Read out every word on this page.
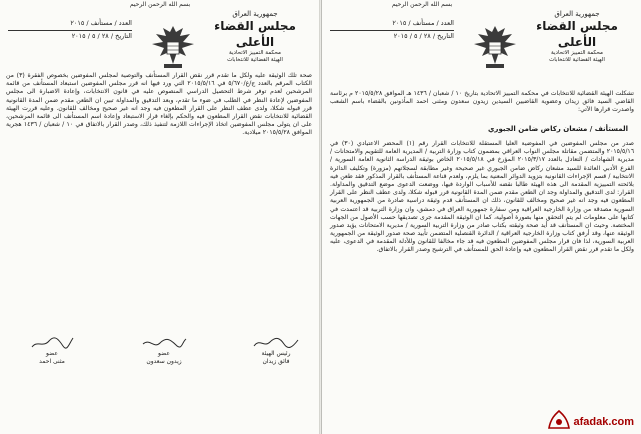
بسم الله الرحمن الرحيم
جمهورية العراق
مجلس القضاء الأعلى
محكمة التمييز الاتحادية
الهيئة القضائية للانتخابات
العدد / مستأنف / ٢٠١٥
التاريخ / ٢٨ / ٥ / ٢٠١٥
صحة تلك الوثيقة عليه ولكل ما تقدم قرر نقض القرار المستأنف والتوصية لمجلس المفوضين بخصوص الفقرة (٣) من الكتاب المرقم بالعدد ج/ع/٥/٦٧٠ في ٢٠١٥/٥/١٦ التي ورد فيها انه قرر مجلس المفوضين استبعاد المستأنف من قائمة المرشحين لعدم توفر شرط التحصيل الدراسي المنصوص عليه في قانون الانتخابات، وإعادة الاضبارة الى مجلس المفوضين لإعادة النظر في الطلب في ضوء ما تقدم، وبعد التدقيق والمداولة تبين ان الطعن مقدم ضمن المدة القانونية قرر قبوله شكلا، ولدى عطف النظر على القرار المطعون فيه وجد انه غير صحيح ومخالف للقانون. وعليه قررت الهيئة القضائية للانتخابات نقض القرار المطعون فيه والحكم بإلغاء قرار الاستبعاد وإعادة اسم المستأنف الى قائمة المرشحين، على ان يتولى مجلس المفوضين اتخاذ الإجراءات اللازمة لتنفيذ ذلك، وصدر القرار بالاتفاق في ١٠ / شعبان / ١٤٣٦ هجرية الموافق ٢٠١٥/٥/٢٨ ميلادية.
رئيس الهيئة
فائق زيدان
عضو
زيدون سعدون
عضو
مثنى احمد
بسم الله الرحمن الرحيم
جمهورية العراق
مجلس القضاء الأعلى
محكمة التمييز الاتحادية
الهيئة القضائية للانتخابات
العدد / مستأنف / ٢٠١٥
التاريخ / ٢٨ / ٥ / ٢٠١٥
تشكلت الهيئة القضائية للانتخابات في محكمة التمييز الاتحادية بتاريخ ١٠ / شعبان / ١٤٣٦ هـ الموافق ٢٠١٥/٥/٢٨ م برئاسة القاضي السيد فائق زيدان وعضوية القاضيين السيدين زيدون سعدون ومثنى احمد المأذونين بالقضاء باسم الشعب واصدرت قرارها الآتي:
المستأنف / مشعان ركاض ضامن الجبوري
صدر من مجلس المفوضين في المفوضية العليا المستقلة للانتخابات القرار رقم (١) المحضر الاعتيادي (٣٠) في ٢٠١٥/٥/١٦ والمتضمن مقاتلة مجلس النواب العراقي بمضمون كتاب وزارة التربية / المديرية العامة للتقويم والامتحانات / مديرية الشهادات / التعادل بالعدد ٢٠١٥/٣/١٧ المؤرخ في ٢٠١٥/٥/١٨ الخاص بوثيقة الدراسة الثانوية العامة السورية / الفرع الأدبي العائدة للسيد مشعان ركاض ضامن الجبوري غير صحيحة وغير مطابقة لسجلاتهم (مزورة) وتكليف الدائرة الانتخابية / قسم الإجراءات القانونية بتزويد الدوائر المعنية بما يلزم، ولعدم قناعة المستأنف بالقرار المذكور فقد طعن فيه بلائحته التمييزية المقدمة الى هذه الهيئة طالبا نقضه للأسباب الواردة فيها، ووضعت الدعوى موضع التدقيق والمداولة. القرار: لدى التدقيق والمداولة وجد ان الطعن مقدم ضمن المدة القانونية قرر قبوله شكلا، ولدى عطف النظر على القرار المطعون فيه وجد انه غير صحيح ومخالف للقانون، ذلك ان المستأنف قدم وثيقة دراسية صادرة من الجمهورية العربية السورية مصدقة من وزارة الخارجية العراقية ومن سفارة جمهورية العراق في دمشق، وان وزارة التربية قد اعتمدت في كتابها على معلومات لم يتم التحقق منها بصورة أصولية، كما ان الوثيقة المقدمة جرى تصديقها حسب الأصول من الجهات المختصة. وحيث ان المستأنف قد أيد صحة وثيقته بكتاب صادر من وزارة التربية السورية / مديرية الامتحانات يؤيد صدور الوثيقة عنها، وقد أرفق كتاب وزارة الخارجية العراقية / الدائرة القنصلية المتضمن تأييد صحة صدور الوثيقة من الجمهورية العربية السورية، لذا فان قرار مجلس المفوضين المطعون فيه قد جاء مخالفا للقانون وللأدلة المقدمة في الدعوى، عليه ولكل ما تقدم قرر نقض القرار المطعون فيه وإعادة الحق للمستأنف في الترشيح وصدر القرار بالاتفاق.
afadak.com
